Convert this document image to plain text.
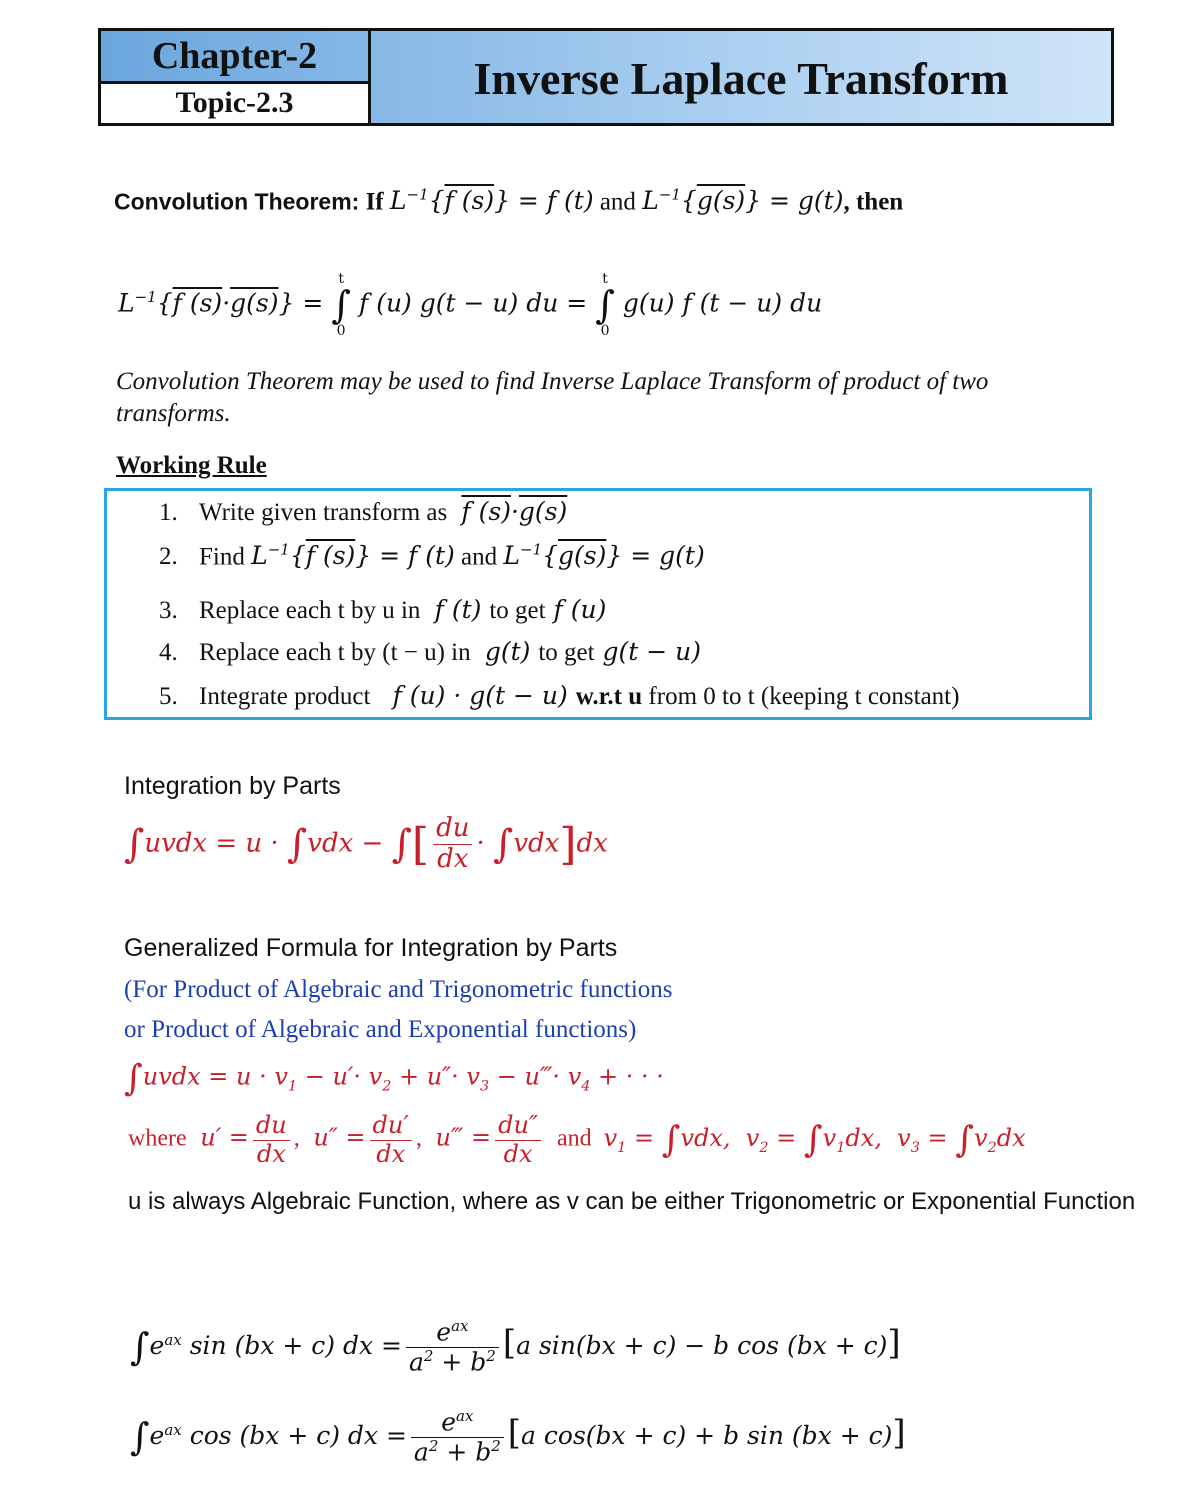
Chapter-2
Topic-2.3	Inverse Laplace Transform
Convolution Theorem: If $L^{-1}\{f$ (s)} = f (t) and $L^{-1}\{g(s)\} = g(t)$, then
$L^{-1}\{f$ (s)·g(s)} = t
∫
0 f (u) g(t − u) du = t
∫
0 g(u) f (t − u) du
Convolution Theorem may be used to find Inverse Laplace Transform of product of two transforms.
Working Rule
1. Write given transform as f (s)·g(s)
2. Find $L^{-1}\{f$ (s)} = f (t) and $L^{-1}\{g(s)\} = g(t)$
3. Replace each t by u in  f (t) to get f (u)
4. Replace each t by (t − u) in  g(t) to get g(t − u)
5. Integrate product   f (u) · g(t − u) w.r.t u from 0 to t (keeping t constant)
Integration by Parts
∫uvdx = u · ∫vdx − ∫[ $\frac{du}{dx} \cdot \int vdx]dx$
Generalized Formula for Integration by Parts
(For Product of Algebraic and Trigonometric functions
or Product of Algebraic and Exponential functions)
∫uvdx = $u \cdot v_1 - u'\cdot v_2 + u''\cdot v_3$ − u‴· $v_4$ + · · ·
where  $u' = \frac{du}{dx}$ ,  $u'' = \frac{du'}{dx}$ ,  u‴ = $\frac{du''}{dx}$ and $v_1 = \int vdx$,  $v_2 = \int v_1dx$,  $v_3 = \int v_2dx$
u is always Algebraic Function, where as v can be either Trigonometric or Exponential Function
$\int e^{ax}$ sin (bx + c) dx = $\frac{e^{ax}}{a^2 + b^2} [a$ sin(bx + c) − b cos (bx + c)]
$\int e^{ax}$ cos (bx + c) dx = $\frac{e^{ax}}{a^2 + b^2} [a$ cos(bx + c) + b sin (bx + c)]
